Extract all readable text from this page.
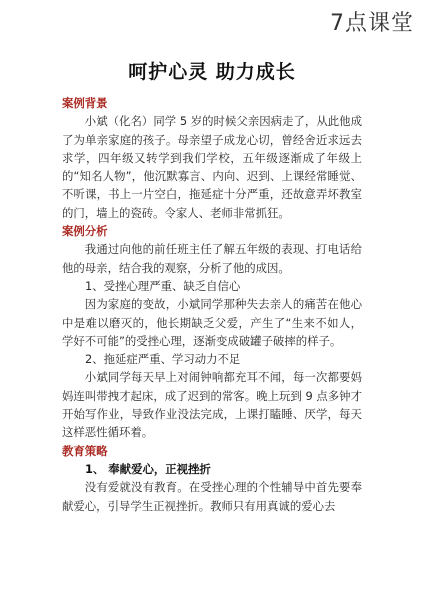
7点课堂
呵护心灵 助力成长
案例背景

小斌（化名）同学 5 岁的时候父亲因病走了，从此他成了为单亲家庭的孩子。母亲望子成龙心切，曾经舍近求远去求学，四年级又转学到我们学校，五年级逐渐成了年级上的“知名人物”，他沉默寡言、内向、迟到、上课经常睡觉、不听课，书上一片空白，拖延症十分严重，还故意弄坏教室的门，墙上的瓷砖。令家人、老师非常抓狂。

案例分析

我通过向他的前任班主任了解五年级的表现、打电话给他的母亲，结合我的观察，分析了他的成因。

1、受挫心理严重、缺乏自信心

因为家庭的变故，小斌同学那种失去亲人的痛苦在他心中是难以磨灭的，他长期缺乏父爱，产生了“生来不如人，学好不可能”的受挫心理，逐渐变成破罐子破摔的样子。

2、拖延症严重、学习动力不足

小斌同学每天早上对闹钟响都充耳不闻，每一次都要妈妈连叫带拽才起床，成了迟到的常客。晚上玩到 9 点多钟才开始写作业，导致作业没法完成，上课打瞌睡、厌学，每天这样恶性循环着。

教育策略

1、 奉献爱心，正视挫折

没有爱就没有教育。在受挫心理的个性辅导中首先要奉献爱心，引导学生正视挫折。教师只有用真诚的爱心去
